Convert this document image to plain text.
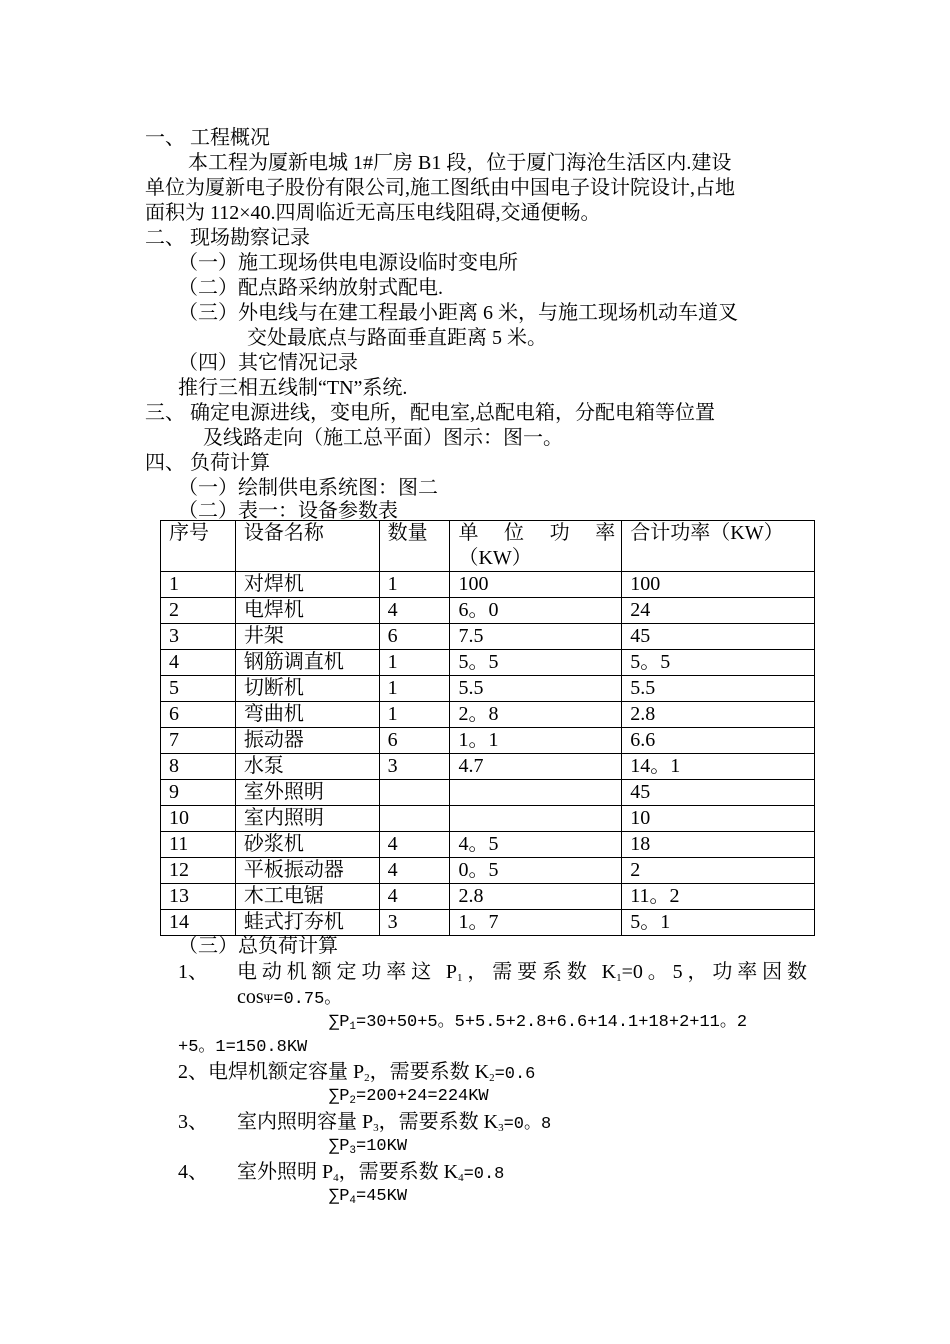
一、 工程概况
本工程为厦新电城 1#厂房 B1 段，位于厦门海沧生活区内.建设
单位为厦新电子股份有限公司,施工图纸由中国电子设计院设计,占地
面积为 112×40.四周临近无高压电线阻碍,交通便畅。
二、 现场勘察记录
（一）施工现场供电电源设临时变电所
（二）配点路采纳放射式配电.
（三）外电线与在建工程最小距离 6 米，与施工现场机动车道叉
交处最底点与路面垂直距离 5 米。
（四）其它情况记录
推行三相五线制“TN”系统.
三、 确定电源进线，变电所，配电室,总配电箱，分配电箱等位置
及线路走向（施工总平面）图示：图一。
四、 负荷计算
（一）绘制供电系统图：图二
（二）表一：设备参数表
序号	设备名称	数量	单 位 功 率
（KW）	合计功率（KW）
1	对焊机	1	100	100
2	电焊机	4	6。0	24
3	井架	6	7.5	45
4	钢筋调直机	1	5。5	5。5
5	切断机	1	5.5	5.5
6	弯曲机	1	2。8	2.8
7	振动器	6	1。1	6.6
8	水泵	3	4.7	14。1
9	室外照明			45
10	室内照明			10
11	砂浆机	4	4。5	18
12	平板振动器	4	0。5	2
13	木工电锯	4	2.8	11。2
14	蛙式打夯机	3	1。7	5。1
（三）总负荷计算
1、 电动机额定功率这 $P_1$，需要系数 $K_1=0$。5，功率因数
cosΨ=0.75。
$\sum P_1=30+50+5$。5+5.5+2.8+6.6+14.1+18+2+11。2
+5。1=150.8KW
2、电焊机额定容量 $P_2$，需要系数 $K_2=0.6$
$\sum P_2=200+24=224KW$
3、 室内照明容量 $P_3$，需要系数 $K_3=0$。8
$\sum P_3=10KW$
4、 室外照明 $P_4$，需要系数 $K_4=0.8$
$\sum P_4=45KW$
